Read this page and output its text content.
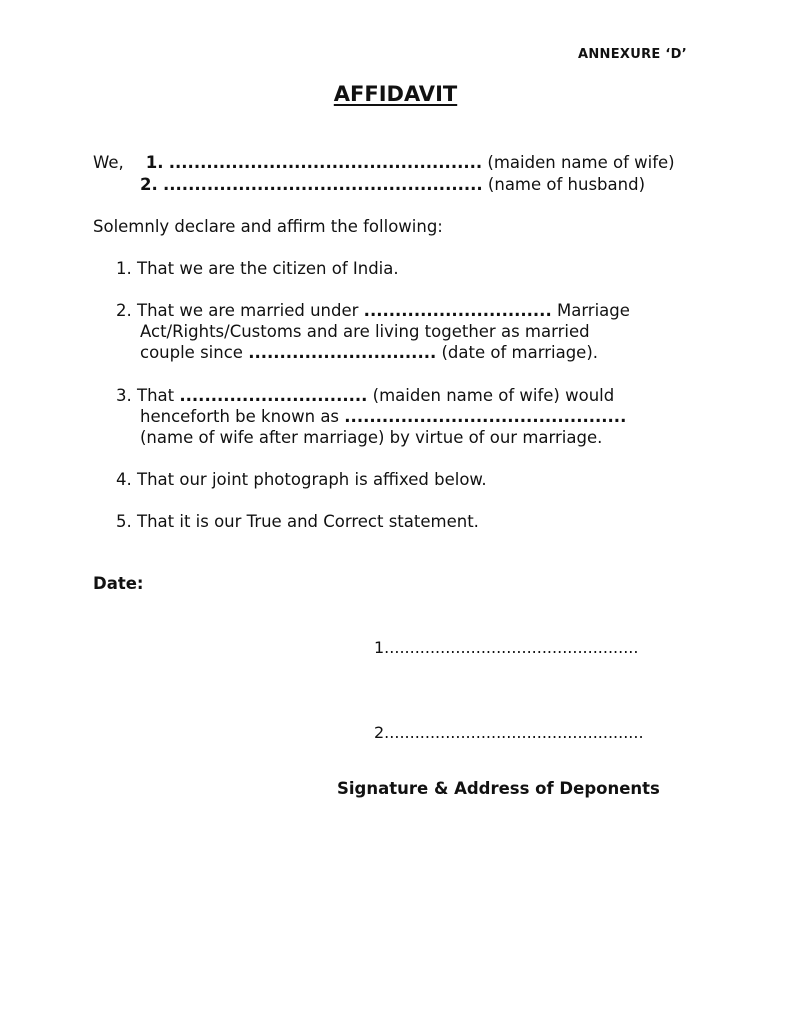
ANNEXURE ‘D’
AFFIDAVIT
We, 1. .................................................. (maiden name of wife)
2. ................................................... (name of husband)
Solemnly declare and affirm the following:
1. That we are the citizen of India.
2. That we are married under .............................. Marriage
Act/Rights/Customs and are living together as married
couple since .............................. (date of marriage).
3. That .............................. (maiden name of wife) would
henceforth be known as .............................................
(name of wife after marriage) by virtue of our marriage.
4. That our joint photograph is affixed below.
5. That it is our True and Correct statement.
Date:
1..................................................
2...................................................
Signature & Address of Deponents
